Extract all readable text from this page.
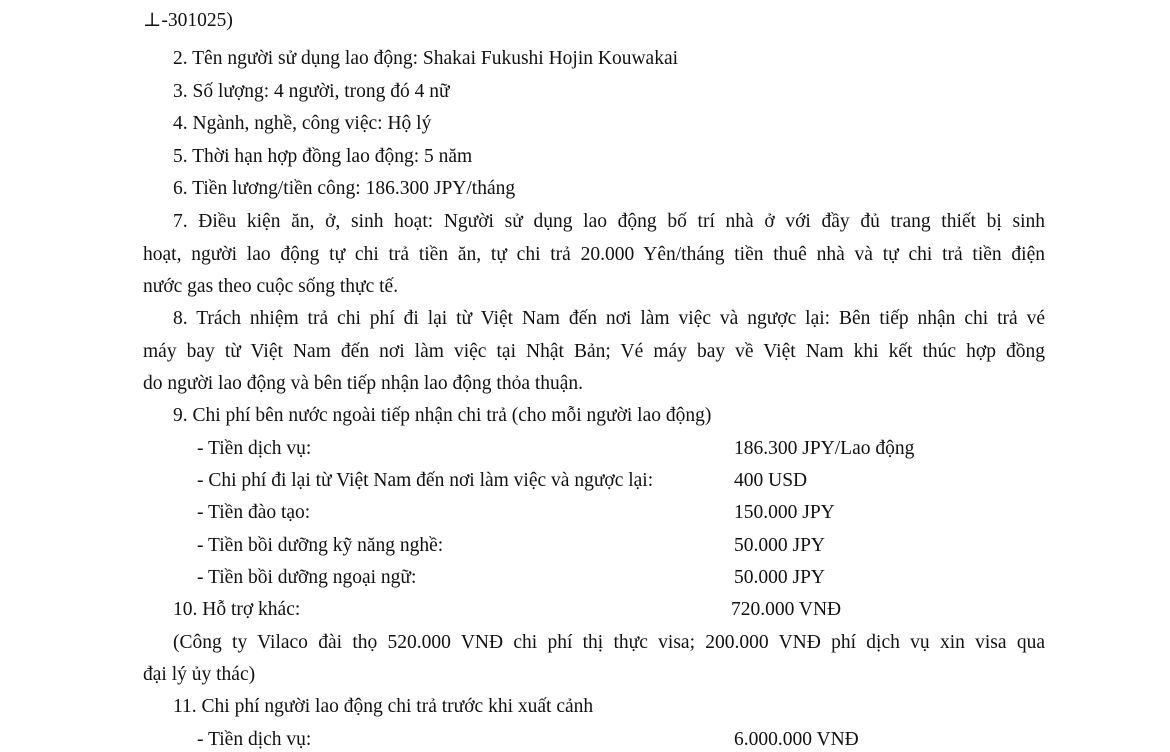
⊥-301025)
2. Tên người sử dụng lao động: Shakai Fukushi Hojin Kouwakai
3. Số lượng: 4 người, trong đó 4 nữ
4. Ngành, nghề, công việc: Hộ lý
5. Thời hạn hợp đồng lao động: 5 năm
6. Tiền lương/tiền công: 186.300 JPY/tháng
7. Điều kiện ăn, ở, sinh hoạt: Người sử dụng lao động bố trí nhà ở với đầy đủ trang thiết bị sinh
hoạt, người lao động tự chi trả tiền ăn, tự chi trả 20.000 Yên/tháng tiền thuê nhà và tự chi trả tiền điện
nước gas theo cuộc sống thực tế.
8. Trách nhiệm trả chi phí đi lại từ Việt Nam đến nơi làm việc và ngược lại: Bên tiếp nhận chi trả vé
máy bay từ Việt Nam đến nơi làm việc tại Nhật Bản; Vé máy bay về Việt Nam khi kết thúc hợp đồng
do người lao động và bên tiếp nhận lao động thỏa thuận.
9. Chi phí bên nước ngoài tiếp nhận chi trả (cho mỗi người lao động)
- Tiền dịch vụ:	186.300 JPY/Lao động
- Chi phí đi lại từ Việt Nam đến nơi làm việc và ngược lại:	400 USD
- Tiền đào tạo:	150.000 JPY
- Tiền bồi dưỡng kỹ năng nghề:	50.000 JPY
- Tiền bồi dưỡng ngoại ngữ:	50.000 JPY
10. Hỗ trợ khác:	720.000 VNĐ
(Công ty Vilaco đài thọ 520.000 VNĐ chi phí thị thực visa; 200.000 VNĐ phí dịch vụ xin visa qua
đại lý ủy thác)
11. Chi phí người lao động chi trả trước khi xuất cảnh
- Tiền dịch vụ:	6.000.000 VNĐ
